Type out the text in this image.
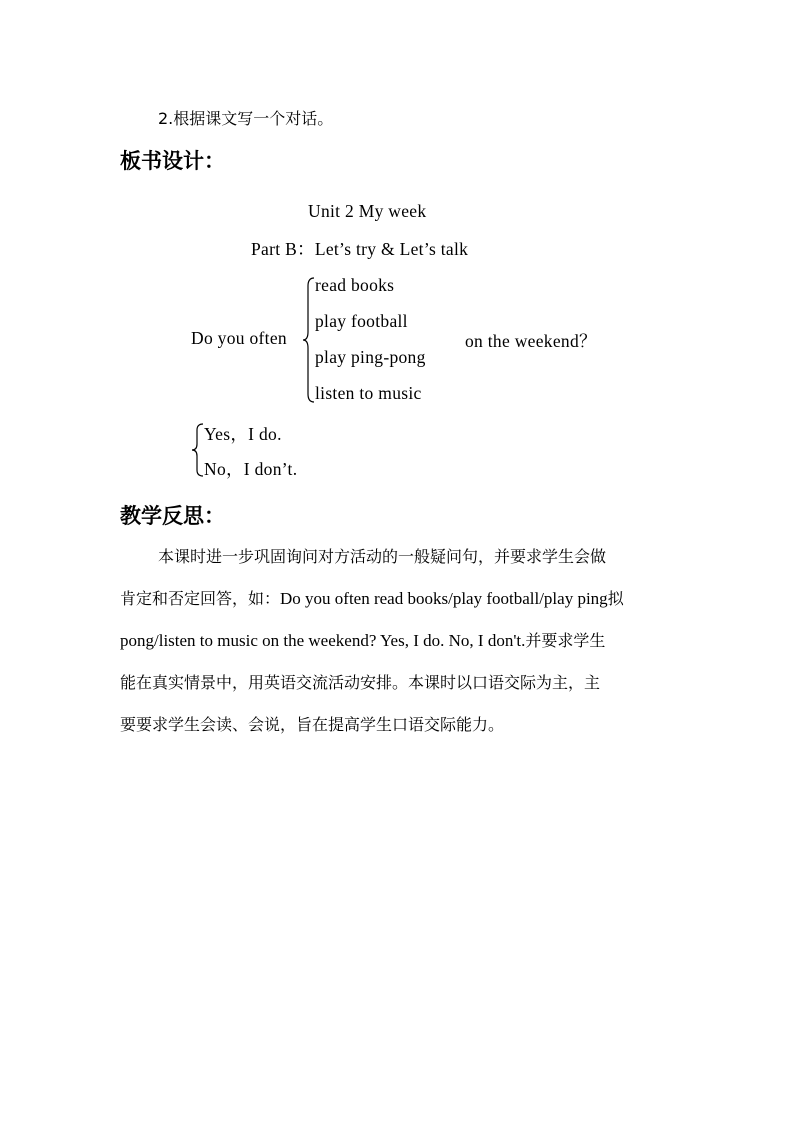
2.根据课文写一个对话。
板书设计：
Unit 2 My week
Part B：Let’s try & Let’s talk
Do you often
read books
play football
play ping-pong
listen to music
on the weekend？
Yes，I do.
No，I don’t.
教学反思：
本课时进一步巩固询问对方活动的一般疑问句，并要求学生会做
肯定和否定回答，如：Do you often read books/play football/play ping拟
pong/listen to music on the weekend? Yes, I do. No, I don't.并要求学生
能在真实情景中，用英语交流活动安排。本课时以口语交际为主，主
要要求学生会读、会说，旨在提高学生口语交际能力。
